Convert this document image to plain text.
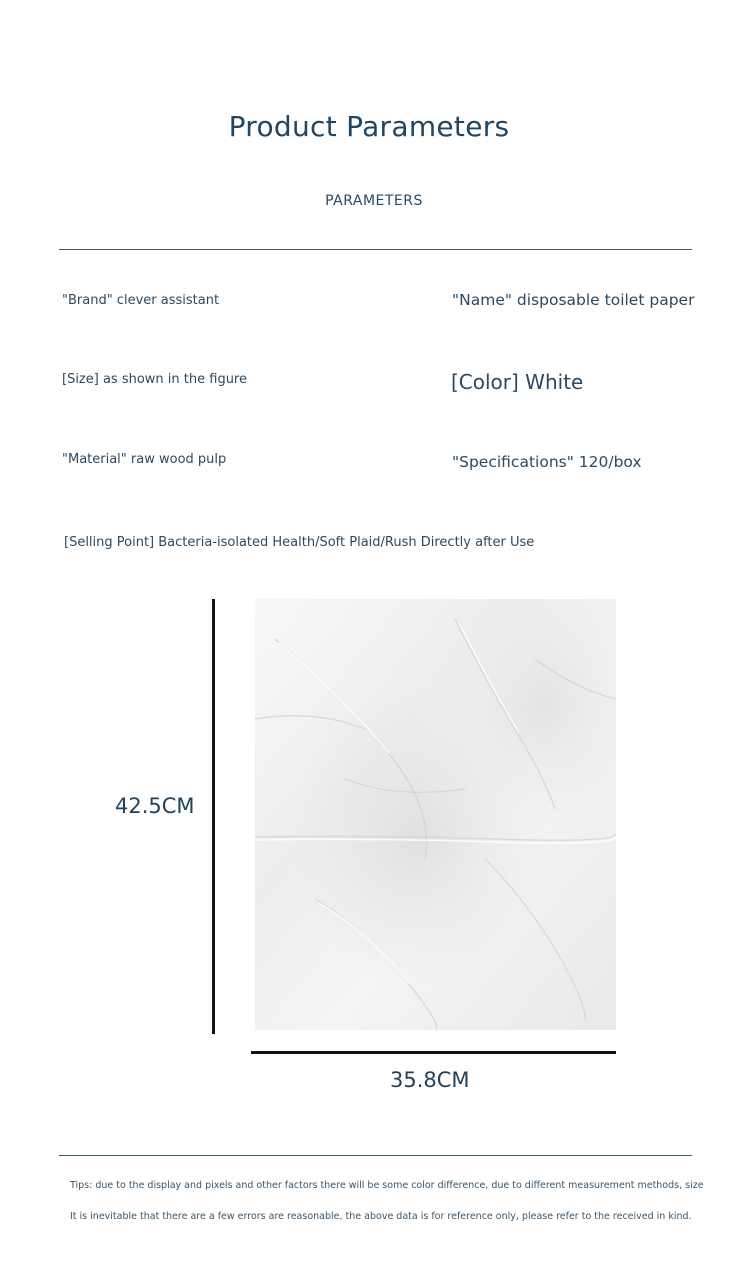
Product Parameters
PARAMETERS
"Brand" clever assistant	"Name" disposable toilet paper
[Size] as shown in the figure	[Color] White
"Material" raw wood pulp	"Specifications" 120/box
[Selling Point] Bacteria-isolated Health/Soft Plaid/Rush Directly after Use
42.5CM
35.8CM
Tips: due to the display and pixels and other factors there will be some color difference, due to different measurement methods, size
It is inevitable that there are a few errors are reasonable, the above data is for reference only, please refer to the received in kind.
